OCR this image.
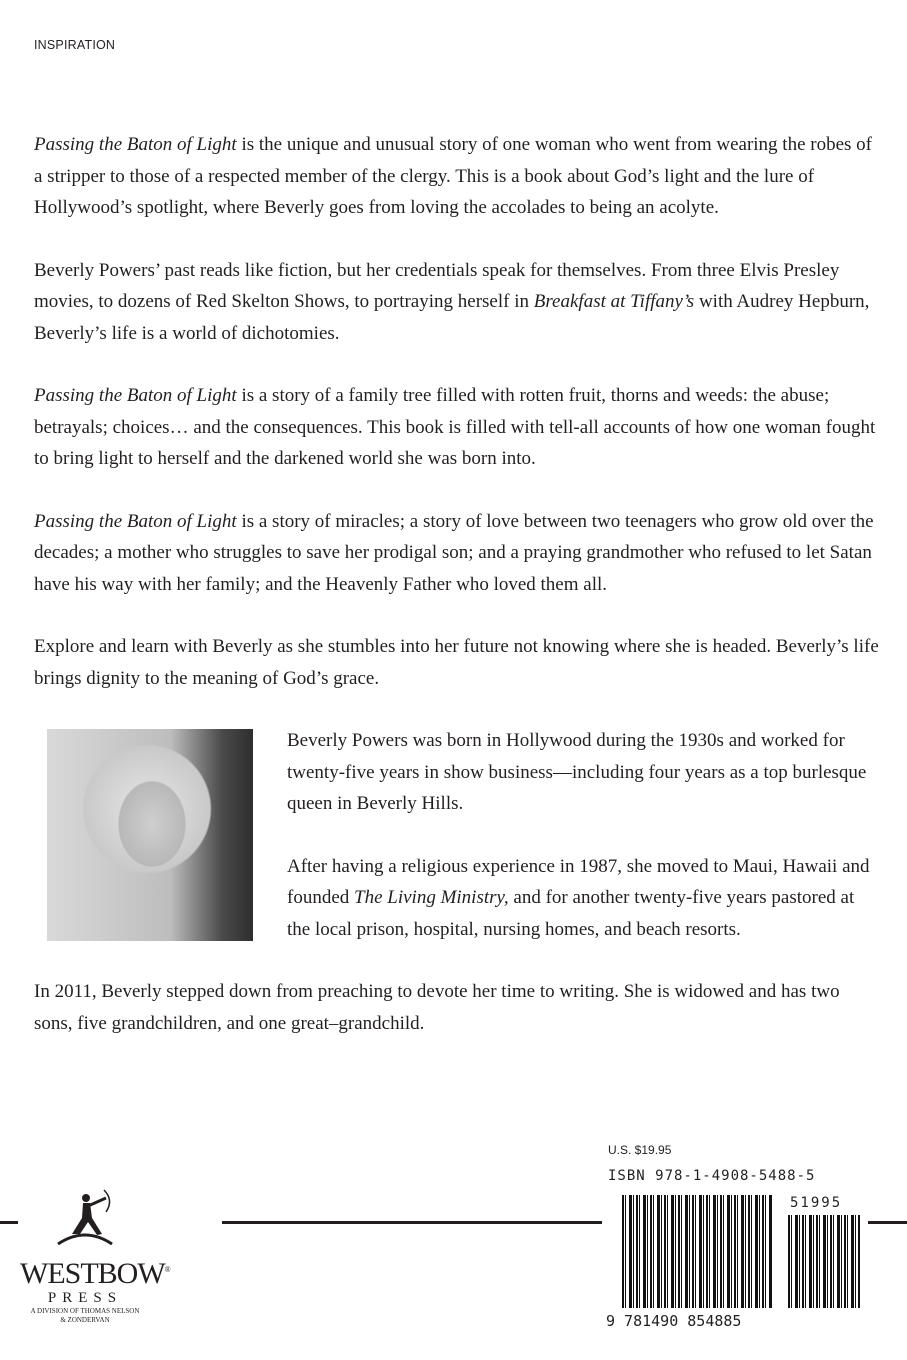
INSPIRATION

Passing the Baton of Light is the unique and unusual story of one woman who went from wearing the robes of a stripper to those of a respected member of the clergy. This is a book about God’s light and the lure of Hollywood’s spotlight, where Beverly goes from loving the accolades to being an acolyte.

Beverly Powers’ past reads like fiction, but her credentials speak for themselves. From three Elvis Presley movies, to dozens of Red Skelton Shows, to portraying herself in Breakfast at Tiffany’s with Audrey Hepburn, Beverly’s life is a world of dichotomies.

Passing the Baton of Light is a story of a family tree filled with rotten fruit, thorns and weeds: the abuse; betrayals; choices… and the consequences. This book is filled with tell-all accounts of how one woman fought to bring light to herself and the darkened world she was born into.

Passing the Baton of Light is a story of miracles; a story of love between two teenagers who grow old over the decades; a mother who struggles to save her prodigal son; and a praying grandmother who refused to let Satan have his way with her family; and the Heavenly Father who loved them all.

Explore and learn with Beverly as she stumbles into her future not knowing where she is headed. Beverly’s life brings dignity to the meaning of God’s grace.

Beverly Powers was born in Hollywood during the 1930s and worked for twenty-five years in show business—including four years as a top burlesque queen in Beverly Hills.

After having a religious experience in 1987, she moved to Maui, Hawaii and founded The Living Ministry, and for another twenty-five years pastored at the local prison, hospital, nursing homes, and beach resorts.

In 2011, Beverly stepped down from preaching to devote her time to writing. She is widowed and has two sons, five grandchildren, and one great–grandchild.

WESTBOW®
PRESS
A DIVISION OF THOMAS NELSON
& ZONDERVAN
U.S. $19.95
ISBN 978-1-4908-5488-5
51995
9 781490 854885
